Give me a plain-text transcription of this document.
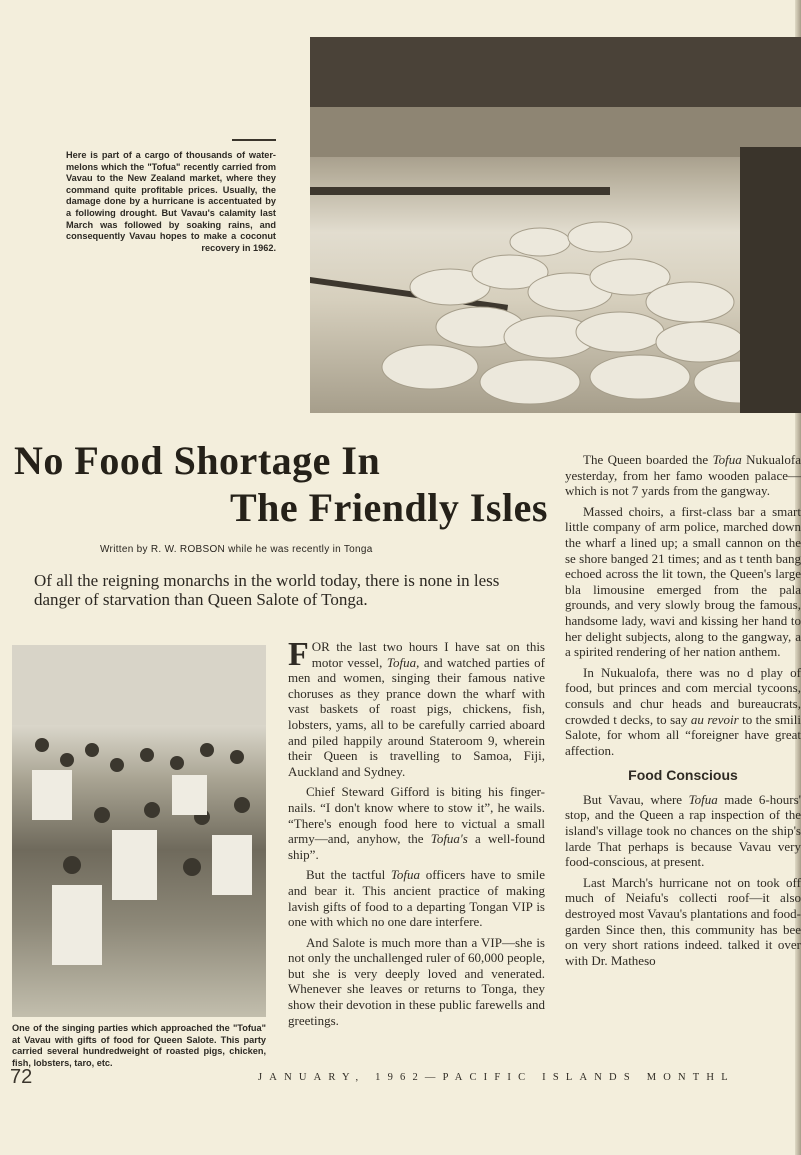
Here is part of a cargo of thousands of water-melons which the "Tofua" recently carried from Vavau to the New Zealand market, where they command quite profitable prices. Usually, the damage done by a hurricane is accentuated by a following drought. But Vavau's calamity last March was followed by soaking rains, and consequently Vavau hopes to make a coconut recovery in 1962.
No Food Shortage In
The Friendly Isles
Written by R. W. ROBSON while he was recently in Tonga
Of all the reigning monarchs in the world today, there is none in less danger of starvation than Queen Salote of Tonga.
One of the singing parties which approached the "Tofua" at Vavau with gifts of food for Queen Salote. This party carried several hundredweight of roasted pigs, chicken, fish, lobsters, taro, etc.

FOR the last two hours I have sat on this motor vessel, Tofua, and watched parties of men and women, singing their famous native choruses as they prance down the wharf with vast baskets of roast pigs, chickens, fish, lobsters, yams, all to be carefully carried aboard and piled happily around Stateroom 9, wherein their Queen is travelling to Samoa, Fiji, Auckland and Sydney.

Chief Steward Gifford is biting his finger-nails. “I don't know where to stow it”, he wails. “There's enough food here to victual a small army—and, anyhow, the Tofua's a well-found ship”.

But the tactful Tofua officers have to smile and bear it. This ancient practice of making lavish gifts of food to a departing Tongan VIP is one with which no one dare interfere.

And Salote is much more than a VIP—she is not only the unchallenged ruler of 60,000 people, but she is very deeply loved and venerated. Whenever she leaves or returns to Tonga, they show their devotion in these public farewells and greetings.

The Queen boarded the Tofua Nukualofa yesterday, from her famo wooden palace—which is not 7 yards from the gangway.

Massed choirs, a first-class bar a smart little company of arm police, marched down the wharf a lined up; a small cannon on the se shore banged 21 times; and as t tenth bang echoed across the lit town, the Queen's large bla limousine emerged from the pala grounds, and very slowly broug the famous, handsome lady, wavi and kissing her hand to her delight subjects, along to the gangway, a a spirited rendering of her nation anthem.

In Nukualofa, there was no d play of food, but princes and com mercial tycoons, consuls and chur heads and bureaucrats, crowded t decks, to say au revoir to the smili Salote, for whom all “foreigner have great affection.

Food Conscious

But Vavau, where Tofua made 6-hours' stop, and the Queen a rap inspection of the island's village took no chances on the ship's larde That perhaps is because Vavau very food-conscious, at present.

Last March's hurricane not on took off much of Neiafu's collecti roof—it also destroyed most Vavau's plantations and food-garden Since then, this community has bee on very short rations indeed. talked it over with Dr. Matheso

72	JANUARY, 1962—PACIFIC ISLANDS MONTHL
